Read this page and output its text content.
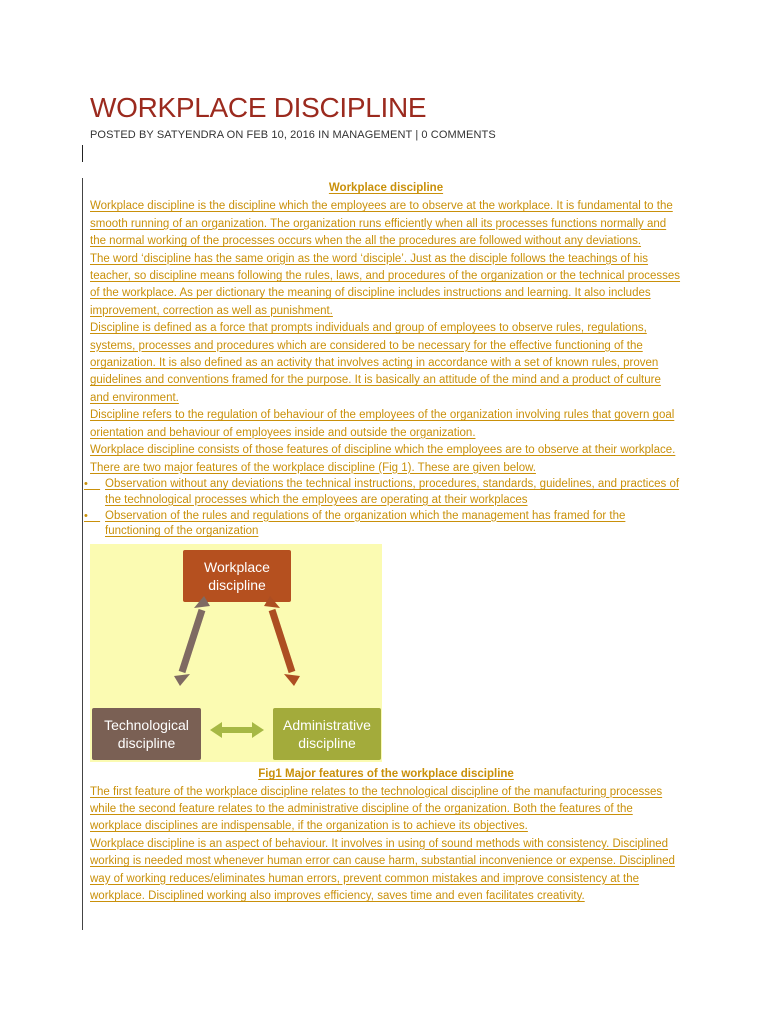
WORKPLACE DISCIPLINE
POSTED BY SATYENDRA ON FEB 10, 2016 IN MANAGEMENT | 0 COMMENTS

Workplace discipline

Workplace discipline is the discipline which the employees are to observe at the workplace. It is fundamental to the smooth running of an organization. The organization runs efficiently when all its processes functions normally and the normal working of the processes occurs when the all the procedures are followed without any deviations.

The word ‘discipline has the same origin as the word ‘disciple’. Just as the disciple follows the teachings of his teacher, so discipline means following the rules, laws, and procedures of the organization or the technical processes of the workplace. As per dictionary the meaning of discipline includes instructions and learning. It also includes improvement, correction as well as punishment.

Discipline is defined as a force that prompts individuals and group of employees to observe rules, regulations, systems, processes and procedures which are considered to be necessary for the effective functioning of the organization. It is also defined as an activity that involves acting in accordance with a set of known rules, proven guidelines and conventions framed for the purpose. It is basically an attitude of the mind and a product of culture and environment.

Discipline refers to the regulation of behaviour of the employees of the organization involving rules that govern goal orientation and behaviour of employees inside and outside the organization.

Workplace discipline consists of those features of discipline which the employees are to observe at their workplace. There are two major features of the workplace discipline (Fig 1). These are given below.

• Observation without any deviations the technical instructions, procedures, standards, guidelines, and practices of the technological processes which the employees are operating at their workplaces
• Observation of the rules and regulations of the organization which the management has framed for the functioning of the organization
Workplace discipline
Technological discipline
Administrative discipline

Fig1 Major features of the workplace discipline

The first feature of the workplace discipline relates to the technological discipline of the manufacturing processes while the second feature relates to the administrative discipline of the organization. Both the features of the workplace disciplines are indispensable, if the organization is to achieve its objectives.

Workplace discipline is an aspect of behaviour. It involves in using of sound methods with consistency. Disciplined working is needed most whenever human error can cause harm, substantial inconvenience or expense. Disciplined way of working reduces/eliminates human errors, prevent common mistakes and improve consistency at the workplace. Disciplined working also improves efficiency, saves time and even facilitates creativity.
